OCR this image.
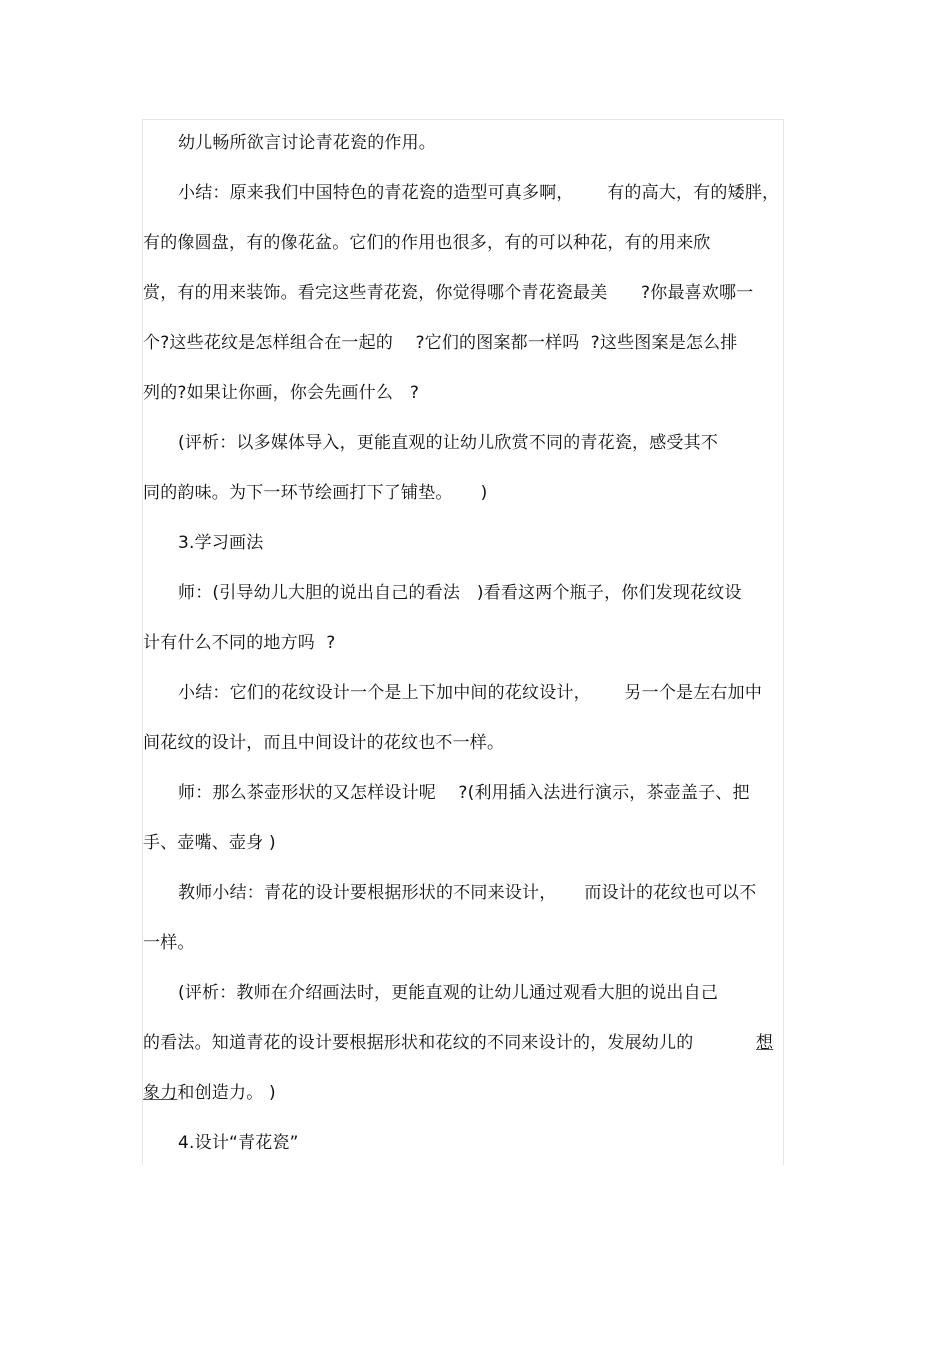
幼儿畅所欲言讨论青花瓷的作用。
小结：原来我们中国特色的青花瓷的造型可真多啊，      有的高大，有的矮胖，
有的像圆盘，有的像花盆。它们的作用也很多，有的可以种花，有的用来欣
赏，有的用来装饰。看完这些青花瓷，你觉得哪个青花瓷最美      ?你最喜欢哪一
个?这些花纹是怎样组合在一起的    ?它们的图案都一样吗  ?这些图案是怎么排
列的?如果让你画，你会先画什么   ?
(评析：以多媒体导入，更能直观的让幼儿欣赏不同的青花瓷，感受其不
同的韵味。为下一环节绘画打下了铺垫。     )
3.学习画法
师：(引导幼儿大胆的说出自己的看法   )看看这两个瓶子，你们发现花纹设
计有什么不同的地方吗  ?
小结：它们的花纹设计一个是上下加中间的花纹设计，      另一个是左右加中
间花纹的设计，而且中间设计的花纹也不一样。
师：那么茶壶形状的又怎样设计呢    ?(利用插入法进行演示，茶壶盖子、把
手、壶嘴、壶身 )
教师小结：青花的设计要根据形状的不同来设计，     而设计的花纹也可以不
一样。
(评析：教师在介绍画法时，更能直观的让幼儿通过观看大胆的说出自己
的看法。知道青花的设计要根据形状和花纹的不同来设计的，发展幼儿的 想
象力和创造力。 )
4.设计“青花瓷”
